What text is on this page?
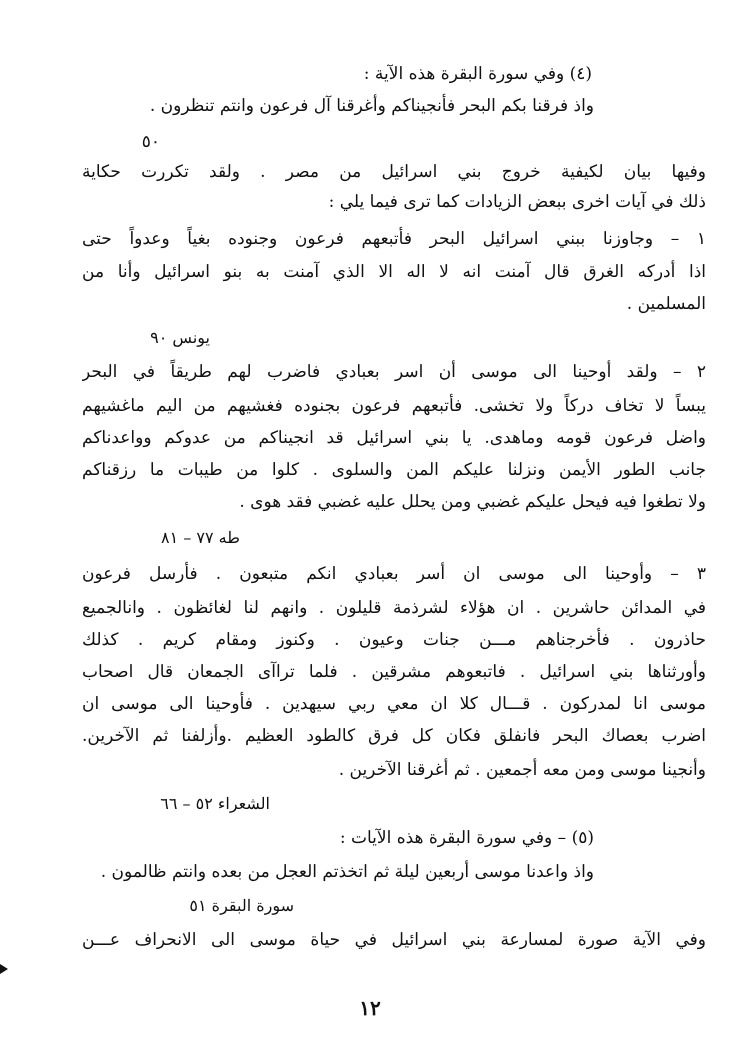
(٤) وفي سورة البقرة هذه الآية :
واذ فرقنا بكم البحر فأنجيناكم وأغرقنا آل فرعون وانتم تنظرون .
٥٠
وفيها بيان لكيفية خروج بني اسرائيل من مصر . ولقد تكررت حكاية
ذلك في آيات اخرى ببعض الزيادات كما ترى فيما يلي :
١ – وجاوزنا ببني اسرائيل البحر فأتبعهم فرعون وجنوده بغياً وعدواً حتى
اذا أدركه الغرق قال آمنت انه لا اله الا الذي آمنت به بنو اسرائيل وأنا من
المسلمين .
يونس ٩٠
٢ – ولقد أوحينا الى موسى أن اسر بعبادي فاضرب لهم طريقاً في البحر
يبساً لا تخاف دركاً ولا تخشى. فأتبعهم فرعون بجنوده فغشيهم من اليم ماغشيهم
واضل فرعون قومه وماهدى. يا بني اسرائيل قد انجيناكم من عدوكم وواعدناكم
جانب الطور الأيمن ونزلنا عليكم المن والسلوى . كلوا من طيبات ما رزقناكم
ولا تطغوا فيه فيحل عليكم غضبي ومن يحلل عليه غضبي فقد هوى .
طه ٧٧ – ٨١
٣ – وأوحينا الى موسى ان أسر بعبادي انكم متبعون . فأرسل فرعون
في المدائن حاشرين . ان هؤلاء لشرذمة قليلون . وانهم لنا لغائظون . وانالجميع
حاذرون . فأخرجناهم مـــن جنات وعيون . وكنوز ومقام كريم . كذلك
وأورثناها بني اسرائيل . فاتبعوهم مشرقين . فلما تراآى الجمعان قال اصحاب
موسى انا لمدركون . قـــال كلا ان معي ربي سيهدين . فأوحينا الى موسى ان
اضرب بعصاك البحر فانفلق فكان كل فرق كالطود العظيم .وأزلفنا ثم الآخرين.
وأنجينا موسى ومن معه أجمعين . ثم أغرقنا الآخرين .
الشعراء ٥٢ – ٦٦
(٥) – وفي سورة البقرة هذه الآيات :
واذ واعدنا موسى أربعين ليلة ثم اتخذتم العجل من بعده وانتم ظالمون .
سورة البقرة ٥١
وفي الآية صورة لمسارعة بني اسرائيل في حياة موسى الى الانحراف عـــن
١٢
